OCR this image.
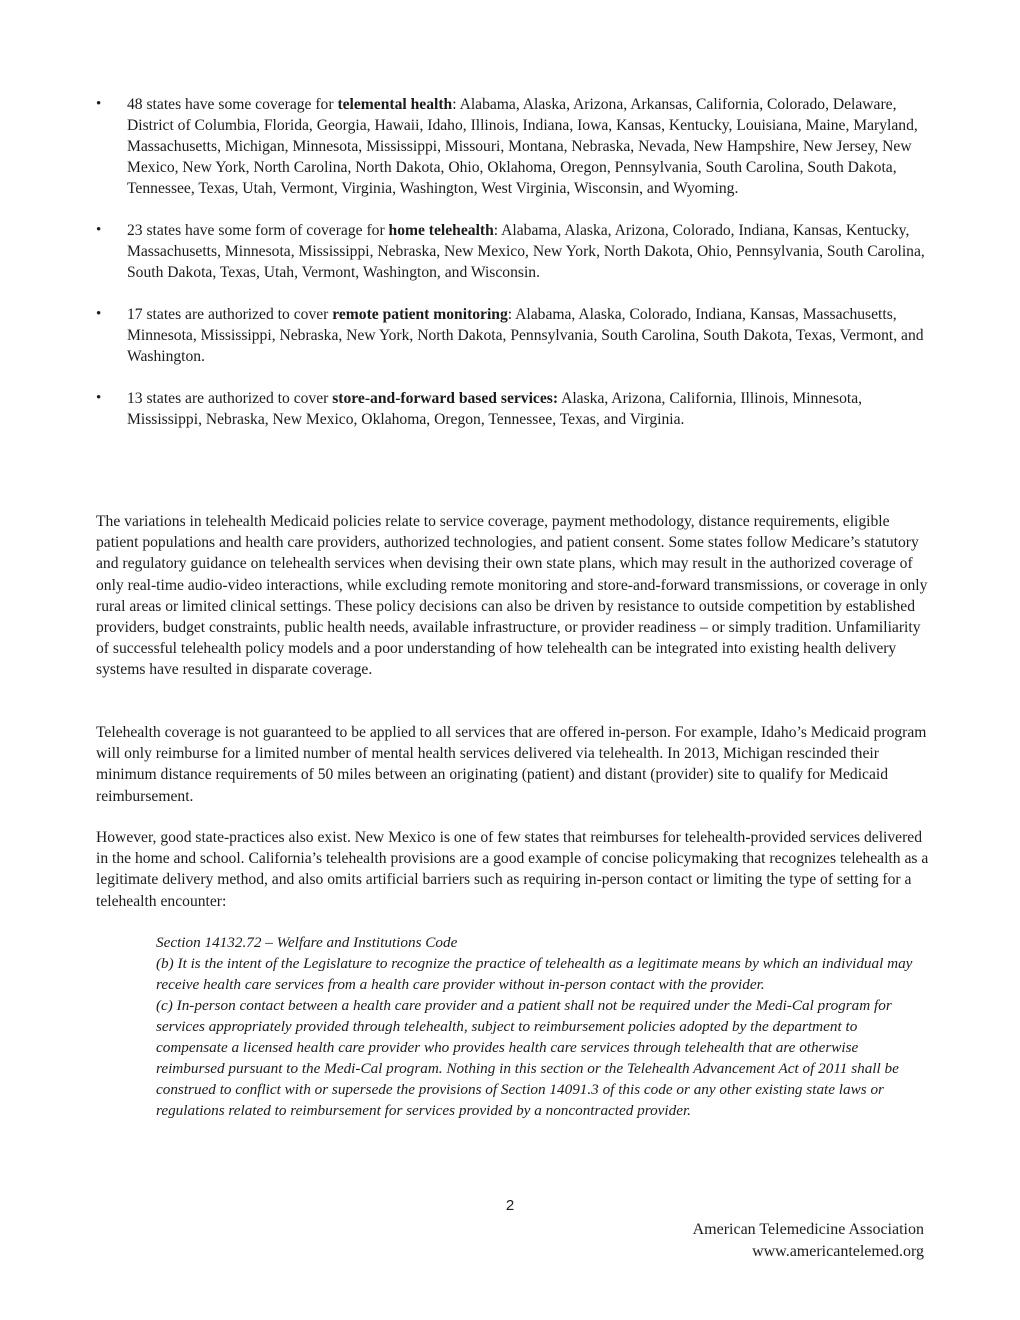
• 48 states have some coverage for telemental health: Alabama, Alaska, Arizona, Arkansas, California, Colorado, Delaware, District of Columbia, Florida, Georgia, Hawaii, Idaho, Illinois, Indiana, Iowa, Kansas, Kentucky, Louisiana, Maine, Maryland, Massachusetts, Michigan, Minnesota, Mississippi, Missouri, Montana, Nebraska, Nevada, New Hampshire, New Jersey, New Mexico, New York, North Carolina, North Dakota, Ohio, Oklahoma, Oregon, Pennsylvania, South Carolina, South Dakota, Tennessee, Texas, Utah, Vermont, Virginia, Washington, West Virginia, Wisconsin, and Wyoming.
• 23 states have some form of coverage for home telehealth: Alabama, Alaska, Arizona, Colorado, Indiana, Kansas, Kentucky, Massachusetts, Minnesota, Mississippi, Nebraska, New Mexico, New York, North Dakota, Ohio, Pennsylvania, South Carolina, South Dakota, Texas, Utah, Vermont, Washington, and Wisconsin.
• 17 states are authorized to cover remote patient monitoring: Alabama, Alaska, Colorado, Indiana, Kansas, Massachusetts, Minnesota, Mississippi, Nebraska, New York, North Dakota, Pennsylvania, South Carolina, South Dakota, Texas, Vermont, and Washington.
• 13 states are authorized to cover store-and-forward based services: Alaska, Arizona, California, Illinois, Minnesota, Mississippi, Nebraska, New Mexico, Oklahoma, Oregon, Tennessee, Texas, and Virginia.

The variations in telehealth Medicaid policies relate to service coverage, payment methodology, distance requirements, eligible patient populations and health care providers, authorized technologies, and patient consent. Some states follow Medicare’s statutory and regulatory guidance on telehealth services when devising their own state plans, which may result in the authorized coverage of only real-time audio-video interactions, while excluding remote monitoring and store-and-forward transmissions, or coverage in only rural areas or limited clinical settings. These policy decisions can also be driven by resistance to outside competition by established providers, budget constraints, public health needs, available infrastructure, or provider readiness – or simply tradition. Unfamiliarity of successful telehealth policy models and a poor understanding of how telehealth can be integrated into existing health delivery systems have resulted in disparate coverage.

Telehealth coverage is not guaranteed to be applied to all services that are offered in-person. For example, Idaho’s Medicaid program will only reimburse for a limited number of mental health services delivered via telehealth. In 2013, Michigan rescinded their minimum distance requirements of 50 miles between an originating (patient) and distant (provider) site to qualify for Medicaid reimbursement.

However, good state-practices also exist. New Mexico is one of few states that reimburses for telehealth-provided services delivered in the home and school. California’s telehealth provisions are a good example of concise policymaking that recognizes telehealth as a legitimate delivery method, and also omits artificial barriers such as requiring in-person contact or limiting the type of setting for a telehealth encounter:

Section 14132.72 – Welfare and Institutions Code

(b) It is the intent of the Legislature to recognize the practice of telehealth as a legitimate means by which an individual may receive health care services from a health care provider without in-person contact with the provider.

(c) In-person contact between a health care provider and a patient shall not be required under the Medi-Cal program for services appropriately provided through telehealth, subject to reimbursement policies adopted by the department to compensate a licensed health care provider who provides health care services through telehealth that are otherwise reimbursed pursuant to the Medi-Cal program. Nothing in this section or the Telehealth Advancement Act of 2011 shall be construed to conflict with or supersede the provisions of Section 14091.3 of this code or any other existing state laws or regulations related to reimbursement for services provided by a noncontracted provider.

2
American Telemedicine Association
www.americantelemed.org
